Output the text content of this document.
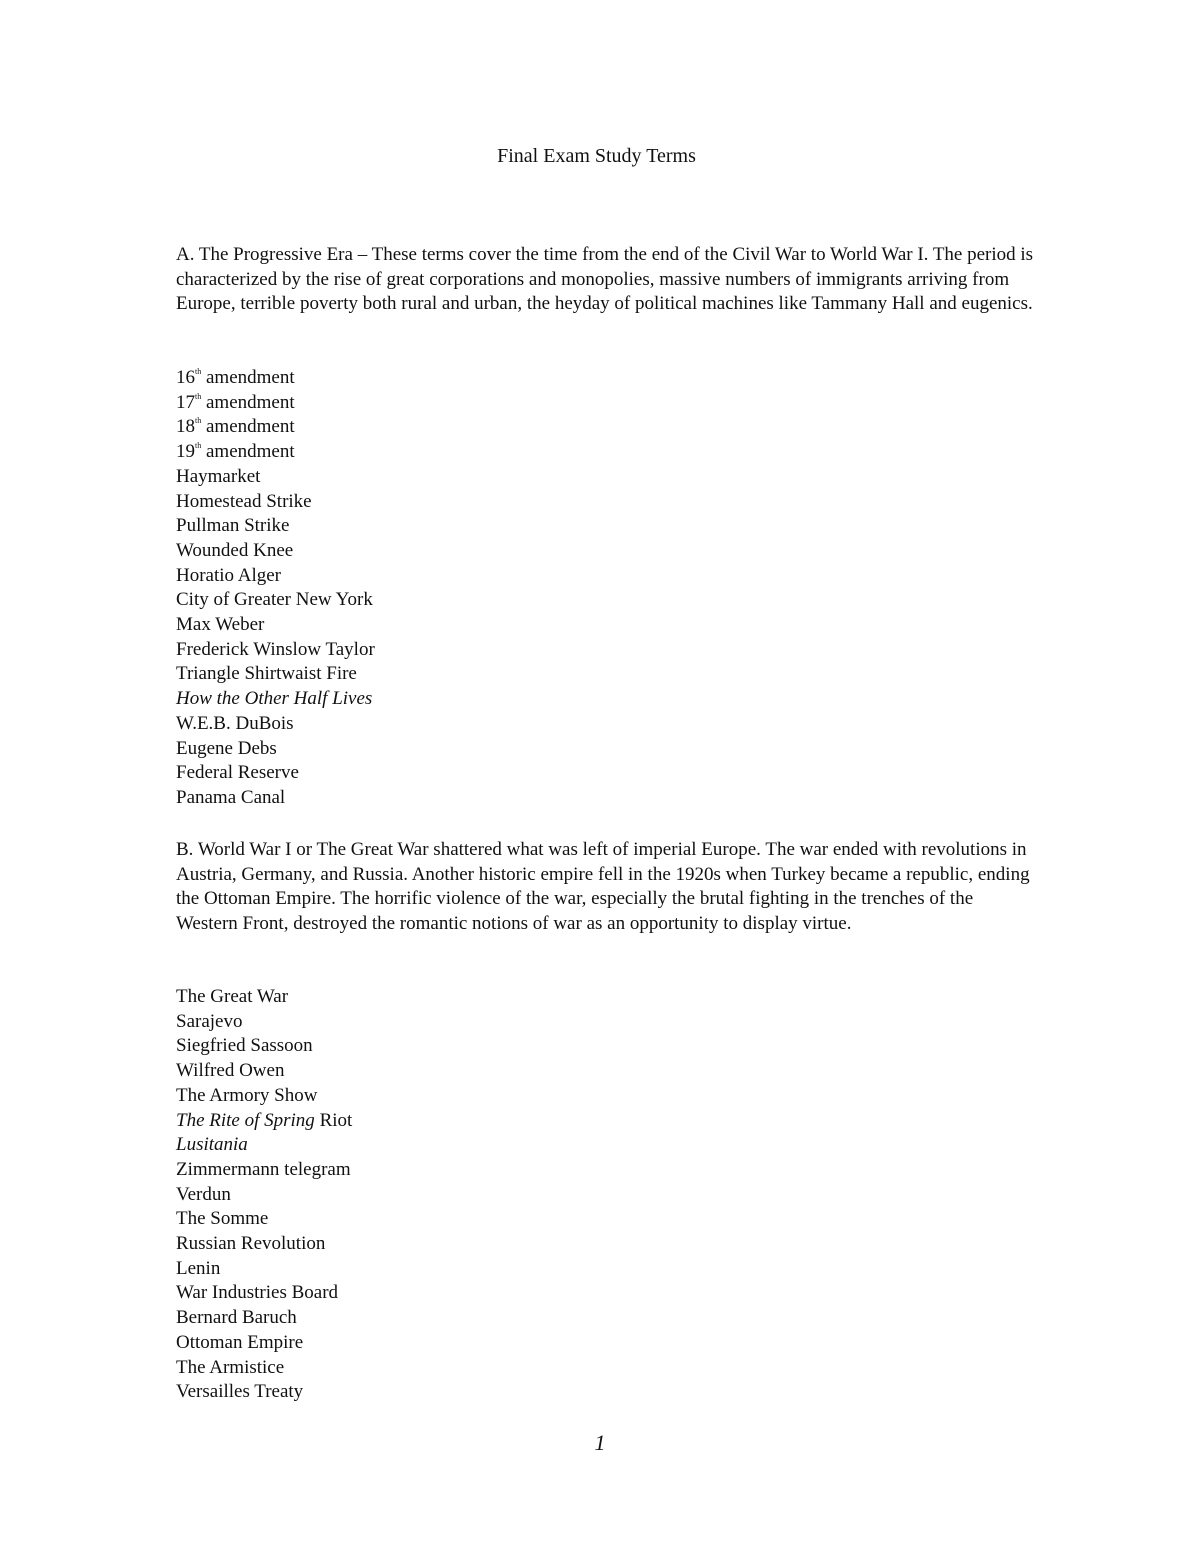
Final Exam Study Terms

A. The Progressive Era – These terms cover the time from the end of the Civil War to World War I. The period is characterized by the rise of great corporations and monopolies, massive numbers of immigrants arriving from Europe, terrible poverty both rural and urban, the heyday of political machines like Tammany Hall and eugenics.

16th amendment
17th amendment
18th amendment
19th amendment
Haymarket
Homestead Strike
Pullman Strike
Wounded Knee
Horatio Alger
City of Greater New York
Max Weber
Frederick Winslow Taylor
Triangle Shirtwaist Fire
How the Other Half Lives
W.E.B. DuBois
Eugene Debs
Federal Reserve
Panama Canal

B. World War I or The Great War shattered what was left of imperial Europe. The war ended with revolutions in Austria, Germany, and Russia. Another historic empire fell in the 1920s when Turkey became a republic, ending the Ottoman Empire. The horrific violence of the war, especially the brutal fighting in the trenches of the Western Front, destroyed the romantic notions of war as an opportunity to display virtue.

The Great War
Sarajevo
Siegfried Sassoon
Wilfred Owen
The Armory Show
The Rite of Spring Riot
Lusitania
Zimmermann telegram
Verdun
The Somme
Russian Revolution
Lenin
War Industries Board
Bernard Baruch
Ottoman Empire
The Armistice
Versailles Treaty
1
